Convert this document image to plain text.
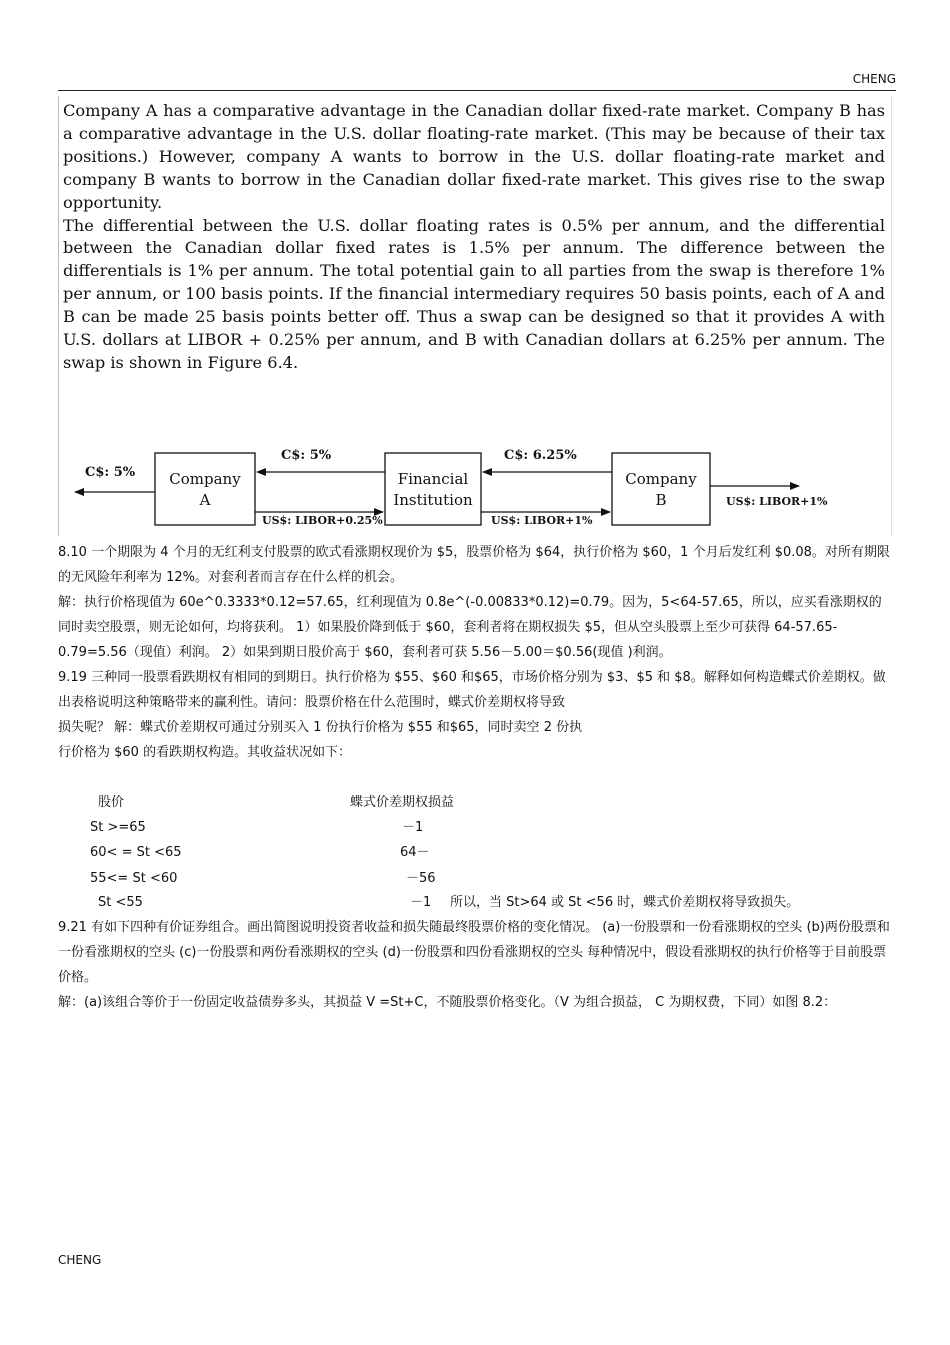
CHENG

Company A has a comparative advantage in the Canadian dollar fixed-rate market. Company B has a comparative advantage in the U.S. dollar floating-rate market. (This may be because of their tax positions.) However, company A wants to borrow in the U.S. dollar floating-rate market and company B wants to borrow in the Canadian dollar fixed-rate market. This gives rise to the swap opportunity.

The differential between the U.S. dollar floating rates is 0.5% per annum, and the differential between the Canadian dollar fixed rates is 1.5% per annum. The difference between the differentials is 1% per annum. The total potential gain to all parties from the swap is therefore 1% per annum, or 100 basis points. If the financial intermediary requires 50 basis points, each of A and B can be made 25 basis points better off. Thus a swap can be designed so that it provides A with U.S. dollars at LIBOR + 0.25% per annum, and B with Canadian dollars at 6.25% per annum. The swap is shown in Figure 6.4.

Company
A
Financial
Institution
Company
B
C$: 5%
C$: 5%
US$: LIBOR+0.25%
C$: 6.25%
US$: LIBOR+1%
US$: LIBOR+1%

8.10 一个期限为 4 个月的无红利支付股票的欧式看涨期权现价为 $5，股票价格为 $64，执行价格为 $60，1 个月后发红利 $0.08。对所有期限的无风险年利率为 12%。对套利者而言存在什么样的机会。

解：执行价格现值为 60e^0.3333*0.12=57.65，红利现值为 0.8e^(-0.00833*0.12)=0.79。因为，5<64-57.65，所以，应买看涨期权的同时卖空股票，则无论如何，均将获利。 1）如果股价降到低于 $60，套利者将在期权损失 $5，但从空头股票上至少可获得 64-57.65-0.79=5.56（现值）利润。 2）如果到期日股价高于 $60，套利者可获 5.56－5.00＝$0.56(现值 )利润。

9.19 三种同一股票看跌期权有相同的到期日。执行价格为 $55、$60 和$65，市场价格分别为 $3、$5 和 $8。解释如何构造蝶式价差期权。做出表格说明这种策略带来的赢利性。请问：股票价格在什么范围时，蝶式价差期权将导致

损失呢？ 解：蝶式价差期权可通过分别买入 1 份执行价格为 $55 和$65，同时卖空 2 份执

行价格为 $60 的看跌期权构造。其收益状况如下：

股价	蝶式价差期权损益
St >=65	－1
60< = St <65	64－
55<= St <60	－56
St <55	－1 所以，当 St>64 或 St <56 时，蝶式价差期权将导致损失。

9.21 有如下四种有价证券组合。画出简图说明投资者收益和损失随最终股票价格的变化情况。 (a)一份股票和一份看涨期权的空头 (b)两份股票和一份看涨期权的空头 (c)一份股票和两份看涨期权的空头 (d)一份股票和四份看涨期权的空头 每种情况中，假设看涨期权的执行价格等于目前股票价格。

解：(a)该组合等价于一份固定收益债券多头，其损益 V =St+C，不随股票价格变化。（V 为组合损益， C 为期权费，下同）如图 8.2：

CHENG
